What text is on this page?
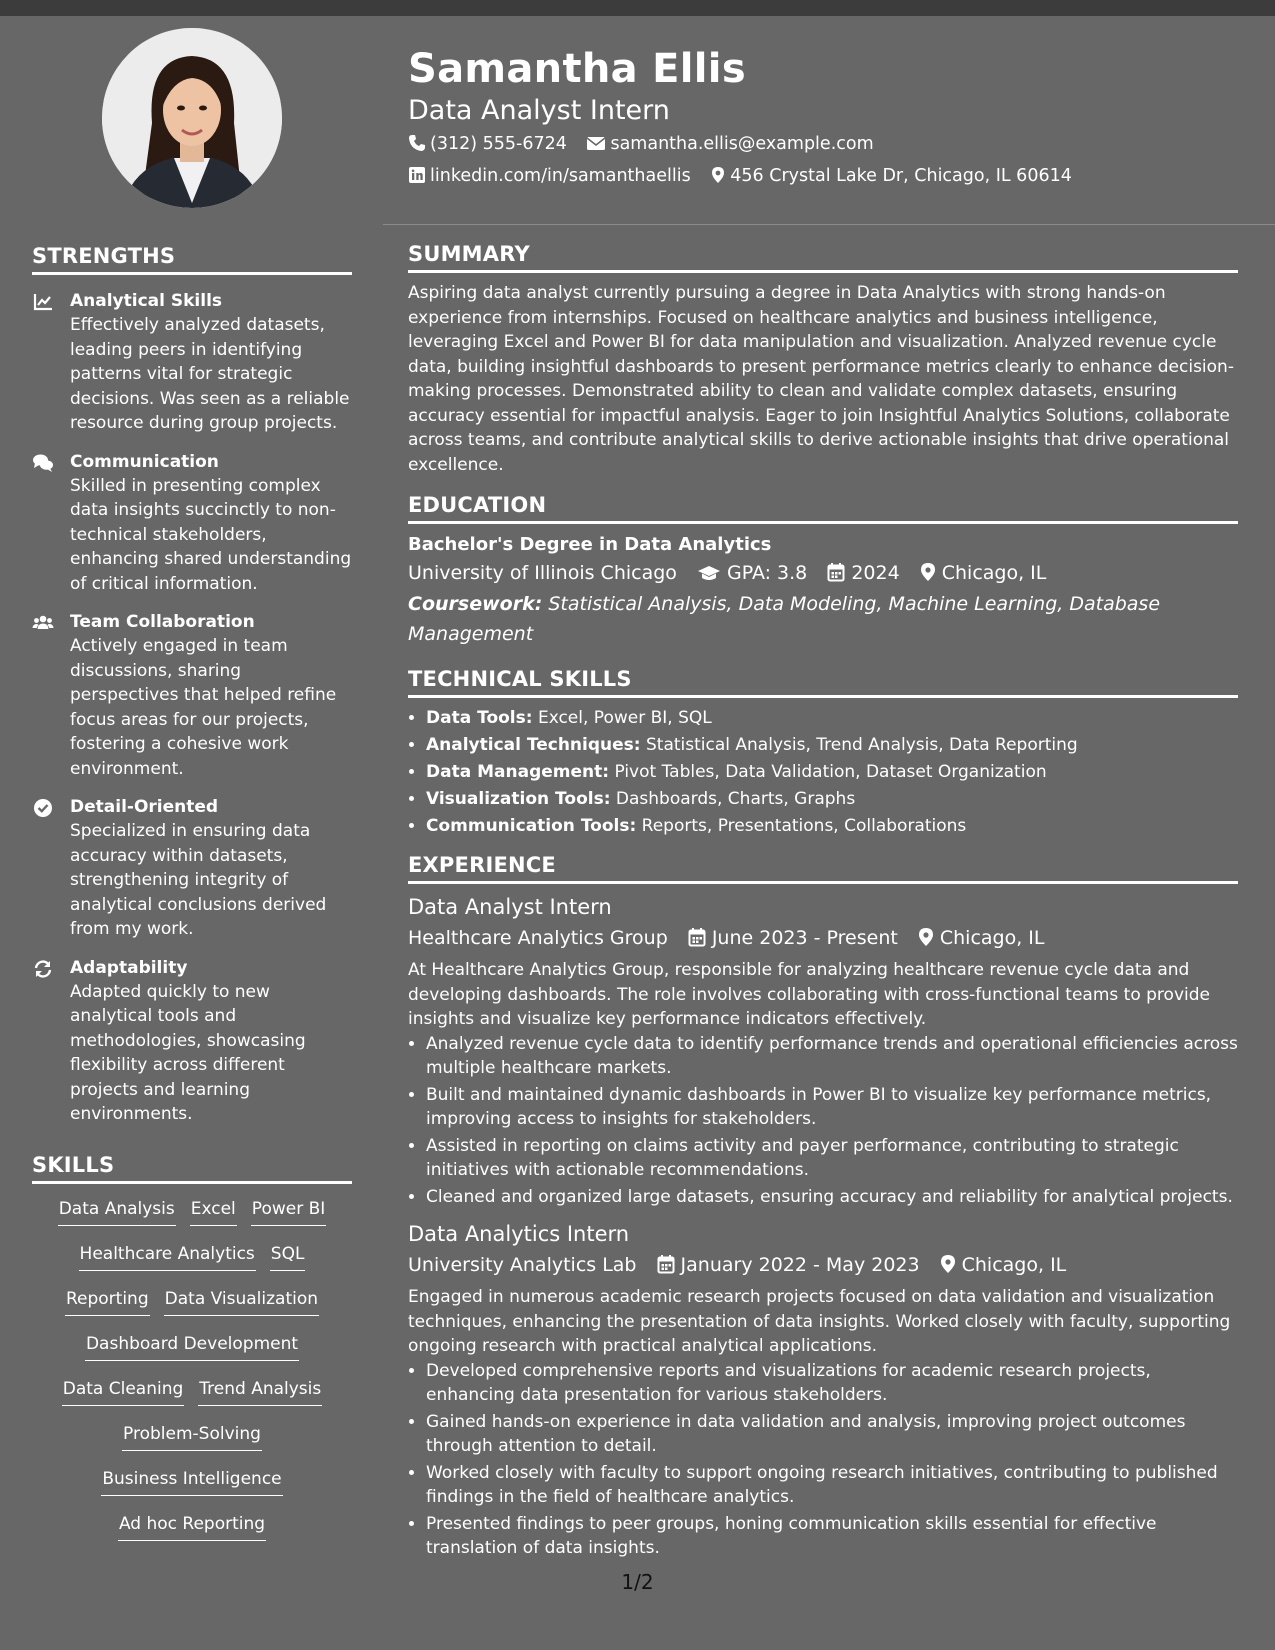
STRENGTHS
Analytical Skills
Effectively analyzed datasets, leading peers in identifying patterns vital for strategic decisions. Was seen as a reliable resource during group projects.
Communication
Skilled in presenting complex data insights succinctly to non-technical stakeholders, enhancing shared understanding of critical information.
Team Collaboration
Actively engaged in team discussions, sharing perspectives that helped refine focus areas for our projects, fostering a cohesive work environment.
Detail-Oriented
Specialized in ensuring data accuracy within datasets, strengthening integrity of analytical conclusions derived from my work.
Adaptability
Adapted quickly to new analytical tools and methodologies, showcasing flexibility across different projects and learning environments.
SKILLS
Data Analysis Excel Power BI
Healthcare Analytics SQL
Reporting Data Visualization
Dashboard Development
Data Cleaning Trend Analysis
Problem-Solving
Business Intelligence
Ad hoc Reporting
Samantha Ellis
Data Analyst Intern
(312) 555-6724 samantha.ellis@example.com
linkedin.com/in/samanthaellis 456 Crystal Lake Dr, Chicago, IL 60614
SUMMARY
Aspiring data analyst currently pursuing a degree in Data Analytics with strong hands-on experience from internships. Focused on healthcare analytics and business intelligence, leveraging Excel and Power BI for data manipulation and visualization. Analyzed revenue cycle data, building insightful dashboards to present performance metrics clearly to enhance decision-making processes. Demonstrated ability to clean and validate complex datasets, ensuring accuracy essential for impactful analysis. Eager to join Insightful Analytics Solutions, collaborate across teams, and contribute analytical skills to derive actionable insights that drive operational excellence.
EDUCATION
Bachelor's Degree in Data Analytics
University of Illinois Chicago	GPA: 3.8 2024 Chicago, IL
Coursework: Statistical Analysis, Data Modeling, Machine Learning, Database Management
TECHNICAL SKILLS
• Data Tools: Excel, Power BI, SQL
• Analytical Techniques: Statistical Analysis, Trend Analysis, Data Reporting
• Data Management: Pivot Tables, Data Validation, Dataset Organization
• Visualization Tools: Dashboards, Charts, Graphs
• Communication Tools: Reports, Presentations, Collaborations
EXPERIENCE
Data Analyst Intern
Healthcare Analytics Group June 2023 - Present Chicago, IL
At Healthcare Analytics Group, responsible for analyzing healthcare revenue cycle data and developing dashboards. The role involves collaborating with cross-functional teams to provide insights and visualize key performance indicators effectively.
• Analyzed revenue cycle data to identify performance trends and operational efficiencies across multiple healthcare markets.
• Built and maintained dynamic dashboards in Power BI to visualize key performance metrics, improving access to insights for stakeholders.
• Assisted in reporting on claims activity and payer performance, contributing to strategic initiatives with actionable recommendations.
• Cleaned and organized large datasets, ensuring accuracy and reliability for analytical projects.
Data Analytics Intern
University Analytics Lab January 2022 - May 2023 Chicago, IL
Engaged in numerous academic research projects focused on data validation and visualization techniques, enhancing the presentation of data insights. Worked closely with faculty, supporting ongoing research with practical analytical applications.
• Developed comprehensive reports and visualizations for academic research projects, enhancing data presentation for various stakeholders.
• Gained hands-on experience in data validation and analysis, improving project outcomes through attention to detail.
• Worked closely with faculty to support ongoing research initiatives, contributing to published findings in the field of healthcare analytics.
• Presented findings to peer groups, honing communication skills essential for effective translation of data insights.
1/2
